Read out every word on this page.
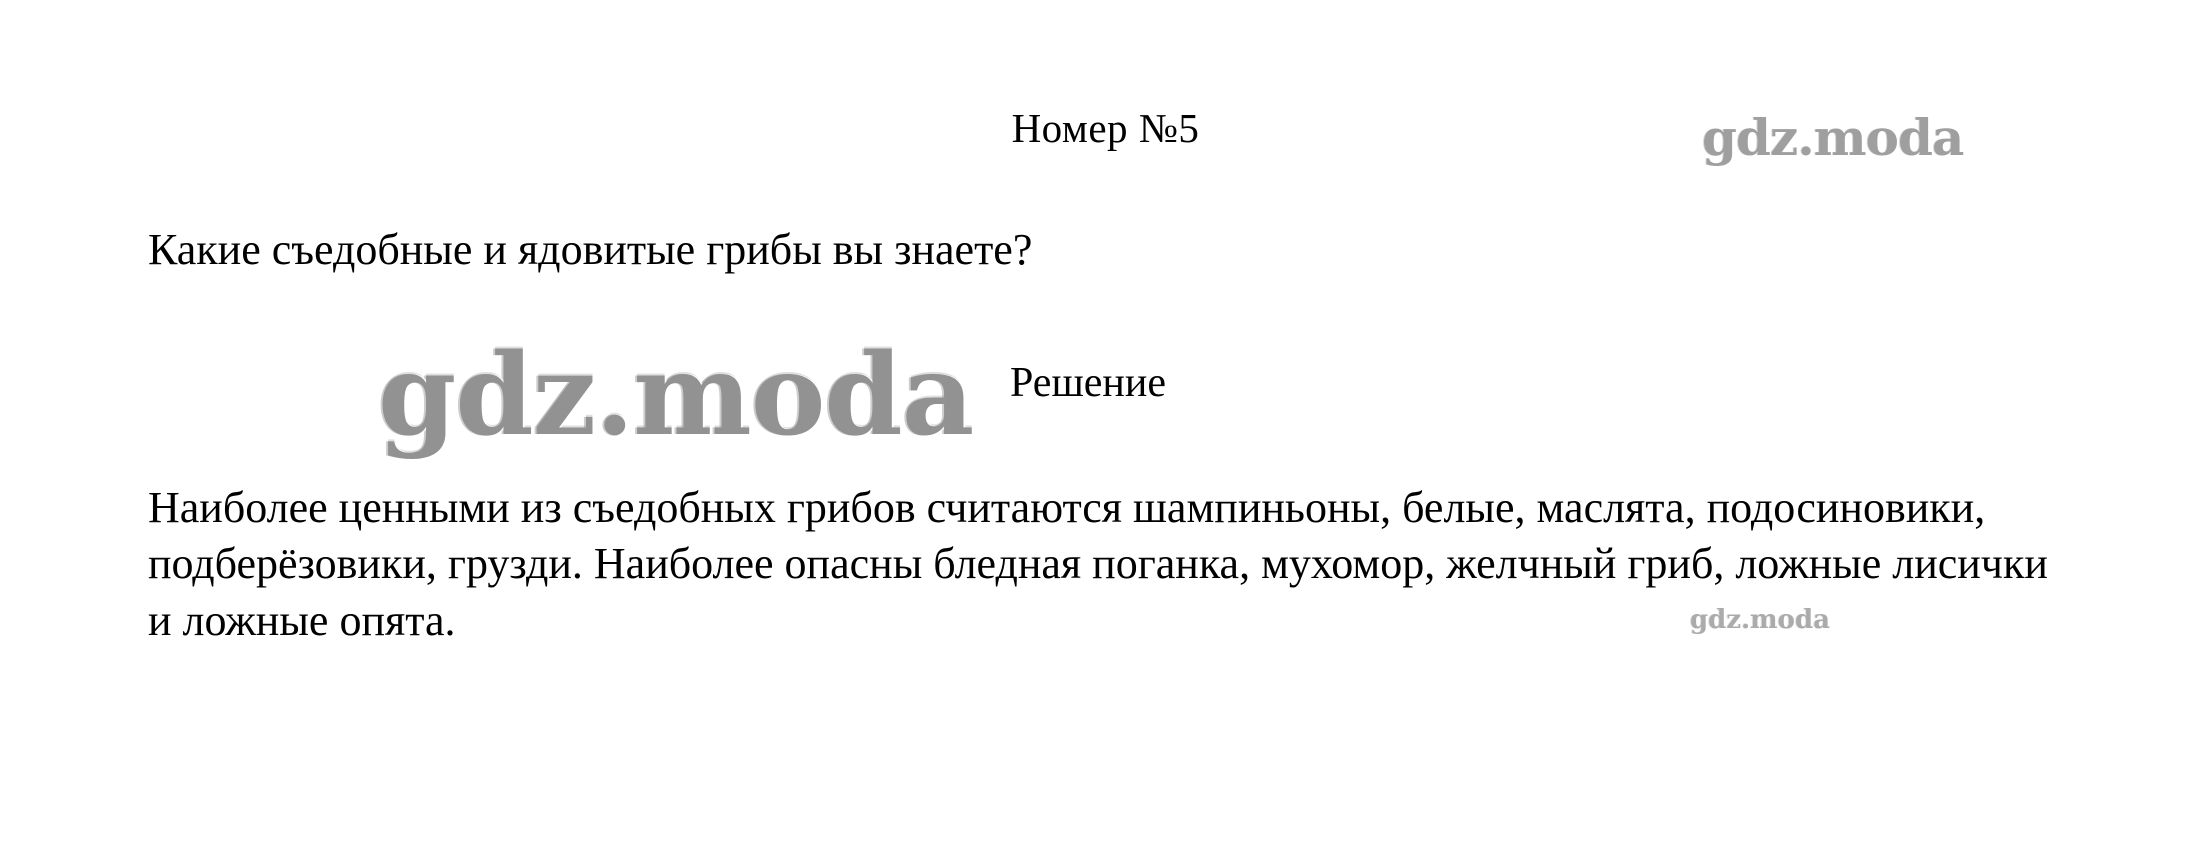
Номер №5	gdz.moda
Какие съедобные и ядовитые грибы вы знаете?
gdz.moda Решение
Наиболее ценными из съедобных грибов считаются шампиньоны, белые, маслята, подосиновики, подберёзовики, грузди. Наиболее опасны бледная поганка, мухомор, желчный гриб, ложные лисички и ложные опята.	gdz.moda
